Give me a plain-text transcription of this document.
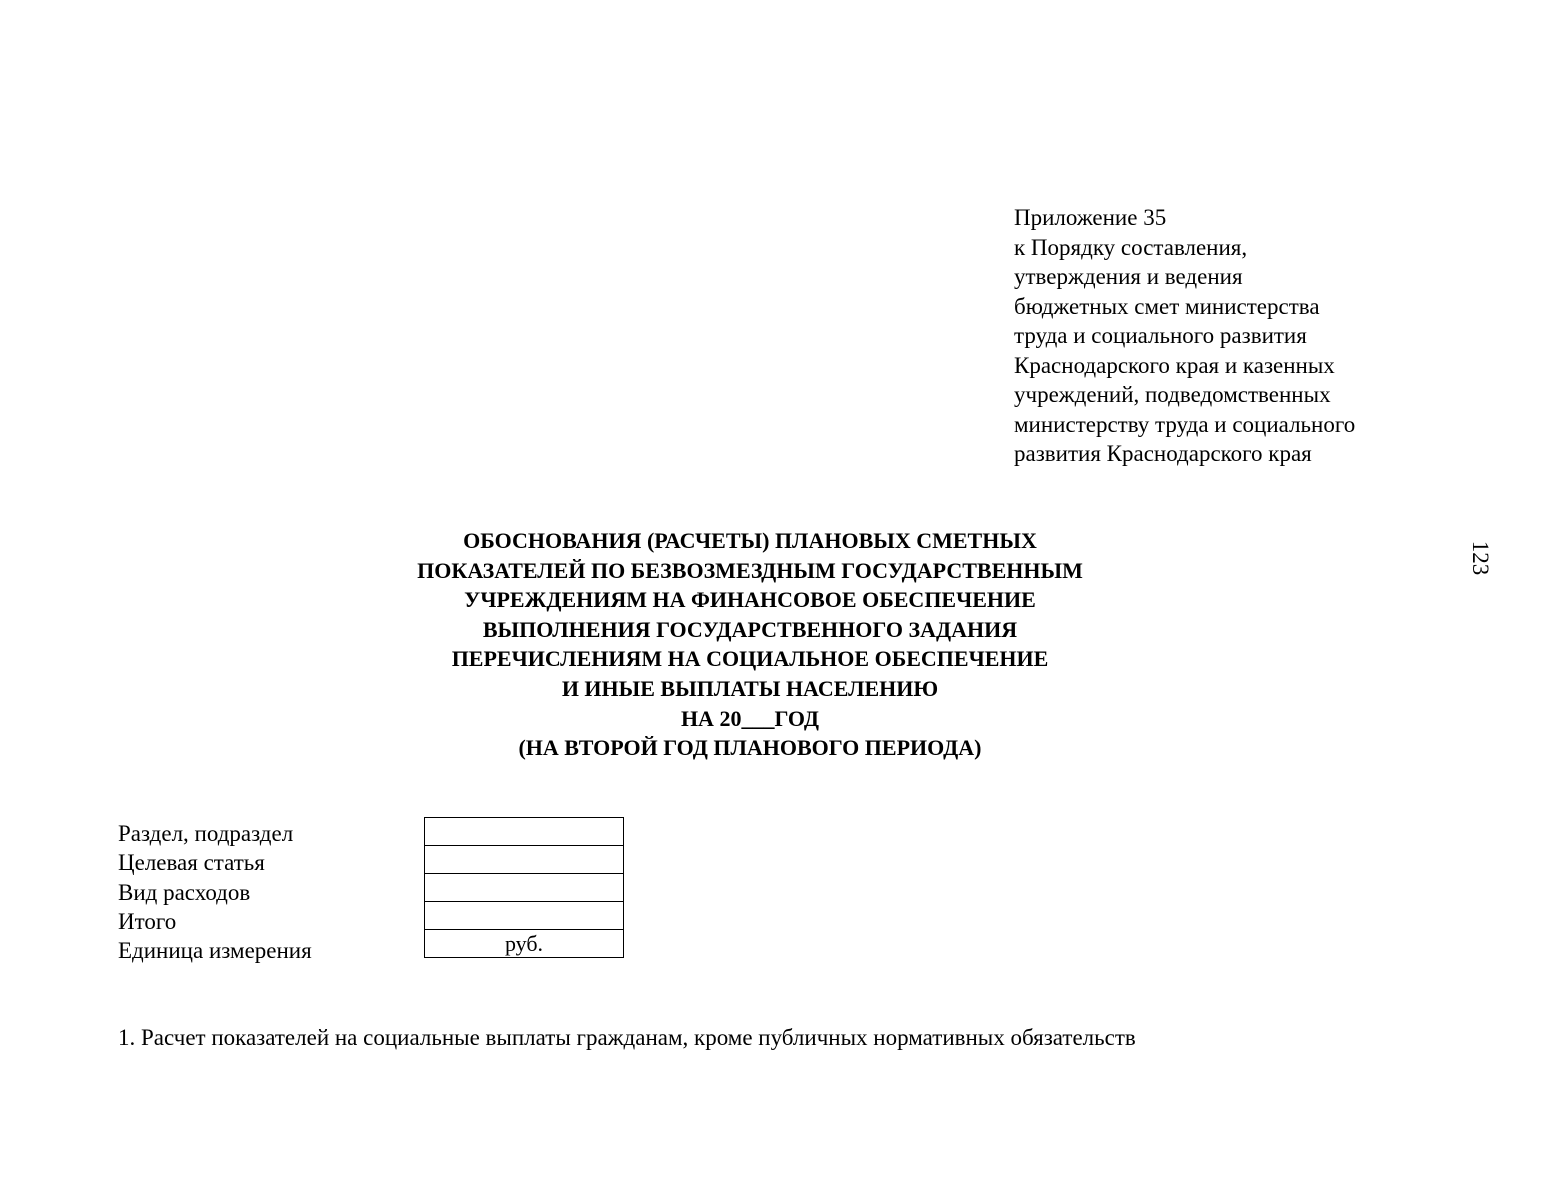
Приложение 35
к Порядку составления,
утверждения и ведения
бюджетных смет министерства
труда и социального развития
Краснодарского края и казенных
учреждений, подведомственных
министерству труда и социального
развития Краснодарского края
123
ОБОСНОВАНИЯ (РАСЧЕТЫ) ПЛАНОВЫХ СМЕТНЫХ
ПОКАЗАТЕЛЕЙ ПО БЕЗВОЗМЕЗДНЫМ ГОСУДАРСТВЕННЫМ
УЧРЕЖДЕНИЯМ НА ФИНАНСОВОЕ ОБЕСПЕЧЕНИЕ
ВЫПОЛНЕНИЯ ГОСУДАРСТВЕННОГО ЗАДАНИЯ
ПЕРЕЧИСЛЕНИЯМ НА СОЦИАЛЬНОЕ ОБЕСПЕЧЕНИЕ
И ИНЫЕ ВЫПЛАТЫ НАСЕЛЕНИЮ
НА 20___ГОД
(НА ВТОРОЙ ГОД ПЛАНОВОГО ПЕРИОДА)
Раздел, подраздел
Целевая статья
Вид расходов
Итого
Единица измерения	руб.
1. Расчет показателей на социальные выплаты гражданам, кроме публичных нормативных обязательств
